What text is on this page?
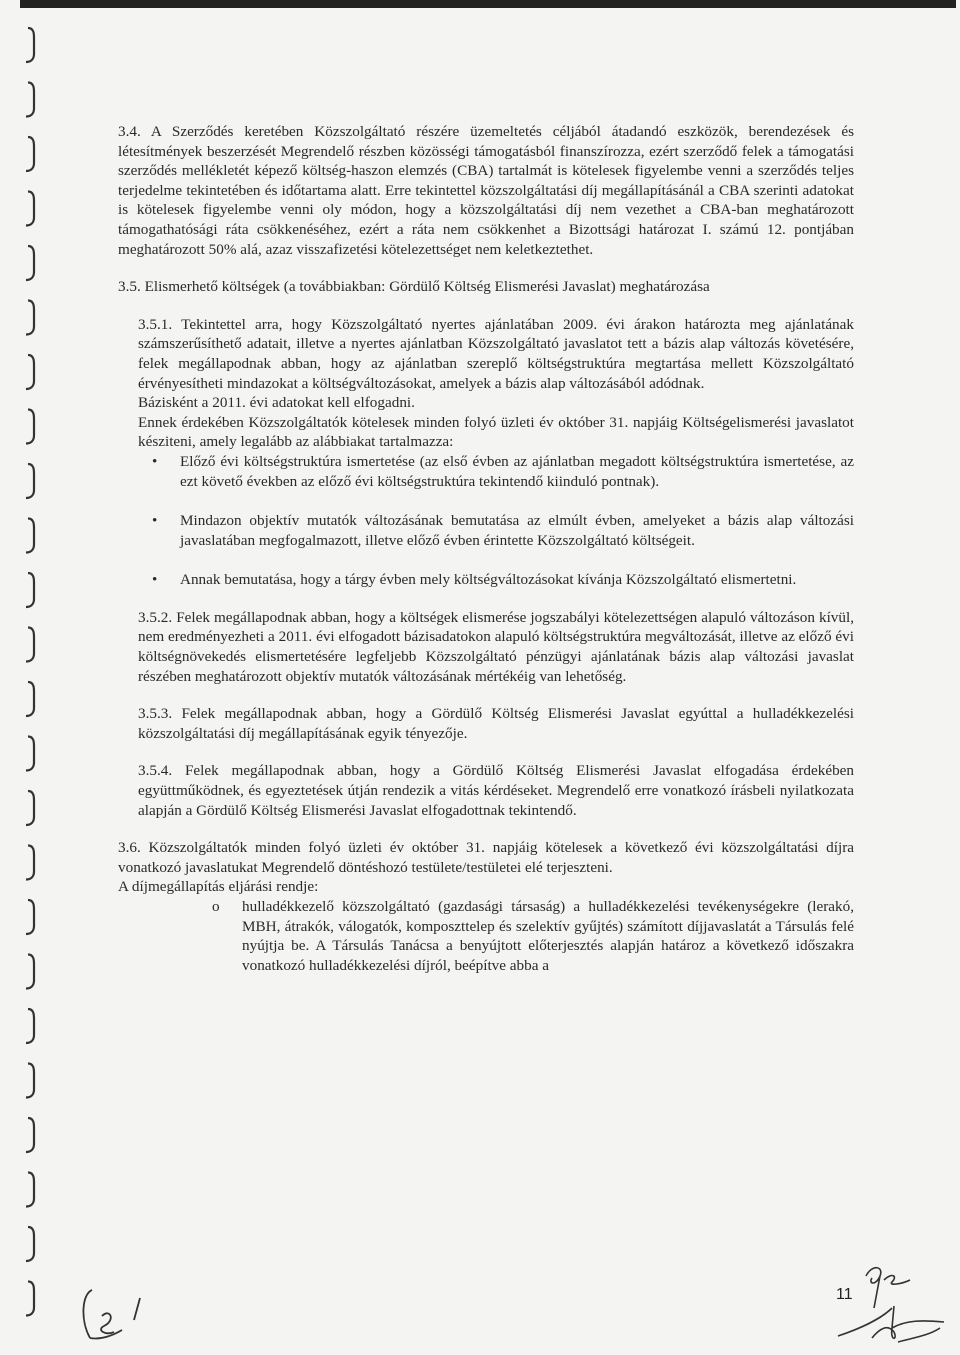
3.4. A Szerződés keretében Közszolgáltató részére üzemeltetés céljából átadandó eszközök, berendezések és létesítmények beszerzését Megrendelő részben közösségi támogatásból finanszírozza, ezért szerződő felek a támogatási szerződés mellékletét képező költség-haszon elemzés (CBA) tartalmát is kötelesek figyelembe venni a szerződés teljes terjedelme tekintetében és időtartama alatt. Erre tekintettel közszolgáltatási díj megállapításánál a CBA szerinti adatokat is kötelesek figyelembe venni oly módon, hogy a közszolgáltatási díj nem vezethet a CBA-ban meghatározott támogathatósági ráta csökkenéséhez, ezért a ráta nem csökkenhet a Bizottsági határozat I. számú 12. pontjában meghatározott 50% alá, azaz visszafizetési kötelezettséget nem keletkeztethet.

3.5. Elismerhető költségek (a továbbiakban: Gördülő Költség Elismerési Javaslat) meghatározása

3.5.1. Tekintettel arra, hogy Közszolgáltató nyertes ajánlatában 2009. évi árakon határozta meg ajánlatának számszerűsíthető adatait, illetve a nyertes ajánlatban Közszolgáltató javaslatot tett a bázis alap változás követésére, felek megállapodnak abban, hogy az ajánlatban szereplő költségstruktúra megtartása mellett Közszolgáltató érvényesítheti mindazokat a költségváltozásokat, amelyek a bázis alap változásából adódnak.

Bázisként a 2011. évi adatokat kell elfogadni.

Ennek érdekében Közszolgáltatók kötelesek minden folyó üzleti év október 31. napjáig Költségelismerési javaslatot késziteni, amely legalább az alábbiakat tartalmazza:

• Előző évi költségstruktúra ismertetése (az első évben az ajánlatban megadott költségstruktúra ismertetése, az ezt követő években az előző évi költségstruktúra tekintendő kiinduló pontnak).
• Mindazon objektív mutatók változásának bemutatása az elmúlt évben, amelyeket a bázis alap változási javaslatában megfogalmazott, illetve előző évben érintette Közszolgáltató költségeit.
• Annak bemutatása, hogy a tárgy évben mely költségváltozásokat kívánja Közszolgáltató elismertetni.

3.5.2. Felek megállapodnak abban, hogy a költségek elismerése jogszabályi kötelezettségen alapuló változáson kívül, nem eredményezheti a 2011. évi elfogadott bázisadatokon alapuló költségstruktúra megváltozását, illetve az előző évi költségnövekedés elismertetésére legfeljebb Közszolgáltató pénzügyi ajánlatának bázis alap változási javaslat részében meghatározott objektív mutatók változásának mértékéig van lehetőség.

3.5.3. Felek megállapodnak abban, hogy a Gördülő Költség Elismerési Javaslat egyúttal a hulladékkezelési közszolgáltatási díj megállapításának egyik tényezője.

3.5.4. Felek megállapodnak abban, hogy a Gördülő Költség Elismerési Javaslat elfogadása érdekében együttműködnek, és egyeztetések útján rendezik a vitás kérdéseket. Megrendelő erre vonatkozó írásbeli nyilatkozata alapján a Gördülő Költség Elismerési Javaslat elfogadottnak tekintendő.

3.6. Közszolgáltatók minden folyó üzleti év október 31. napjáig kötelesek a következő évi közszolgáltatási díjra vonatkozó javaslatukat Megrendelő döntéshozó testülete/testületei elé terjeszteni.

A díjmegállapítás eljárási rendje:

o hulladékkezelő közszolgáltató (gazdasági társaság) a hulladékkezelési tevékenységekre (lerakó, MBH, átrakók, válogatók, komposzttelep és szelektív gyűjtés) számított díjjavaslatát a Társulás felé nyújtja be. A Társulás Tanácsa a benyújtott előterjesztés alapján határoz a következő időszakra vonatkozó hulladékkezelési díjról, beépítve abba a
11
